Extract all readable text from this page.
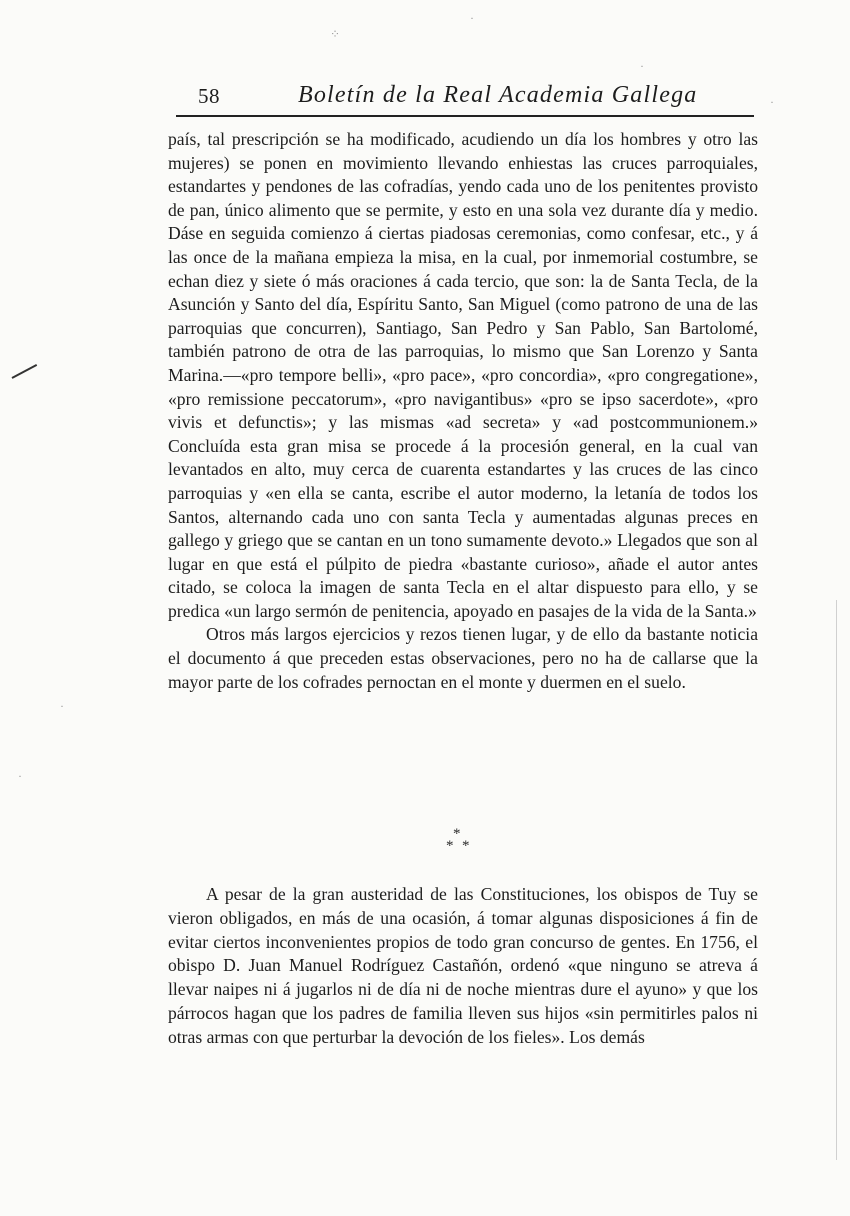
⁘
·
·
·
·
·
58	Boletín de la Real Academia Gallega

país, tal prescripción se ha modificado, acudiendo un día los hombres y otro las mujeres) se ponen en movimiento llevando enhiestas las cruces parroquiales, estandartes y pendones de las cofradías, yendo cada uno de los penitentes provisto de pan, único alimento que se permite, y esto en una sola vez durante día y medio. Dáse en seguida comienzo á ciertas piadosas ceremonias, como confesar, etc., y á las once de la mañana empieza la misa, en la cual, por inmemorial costumbre, se echan diez y siete ó más oraciones á cada tercio, que son: la de Santa Tecla, de la Asunción y Santo del día, Espíritu Santo, San Miguel (como patrono de una de las parroquias que concurren), Santiago, San Pedro y San Pablo, San Bartolomé, también patrono de otra de las parroquias, lo mismo que San Lorenzo y Santa Marina.—«pro tempore belli», «pro pace», «pro concordia», «pro congregatione», «pro remissione peccatorum», «pro navigantibus» «pro se ipso sacerdote», «pro vivis et defunctis»; y las mismas «ad secreta» y «ad postcommunionem.» Concluída esta gran misa se procede á la procesión general, en la cual van levantados en alto, muy cerca de cuarenta estandartes y las cruces de las cinco parroquias y «en ella se canta, escribe el autor moderno, la letanía de todos los Santos, alternando cada uno con santa Tecla y aumentadas algunas preces en gallego y griego que se cantan en un tono sumamente devoto.» Llegados que son al lugar en que está el púlpito de piedra «bastante curioso», añade el autor antes citado, se coloca la imagen de santa Tecla en el altar dispuesto para ello, y se predica «un largo sermón de penitencia, apoyado en pasajes de la vida de la Santa.»

Otros más largos ejercicios y rezos tienen lugar, y de ello da bastante noticia el documento á que preceden estas observaciones, pero no ha de callarse que la mayor parte de los cofrades pernoctan en el monte y duermen en el suelo.

*
* *

A pesar de la gran austeridad de las Constituciones, los obispos de Tuy se vieron obligados, en más de una ocasión, á tomar algunas disposiciones á fin de evitar ciertos inconvenientes propios de todo gran concurso de gentes. En 1756, el obispo D. Juan Manuel Rodríguez Castañón, ordenó «que ninguno se atreva á llevar naipes ni á jugarlos ni de día ni de noche mientras dure el ayuno» y que los párrocos hagan que los padres de familia lleven sus hijos «sin permitirles palos ni otras armas con que perturbar la devoción de los fieles». Los demás
